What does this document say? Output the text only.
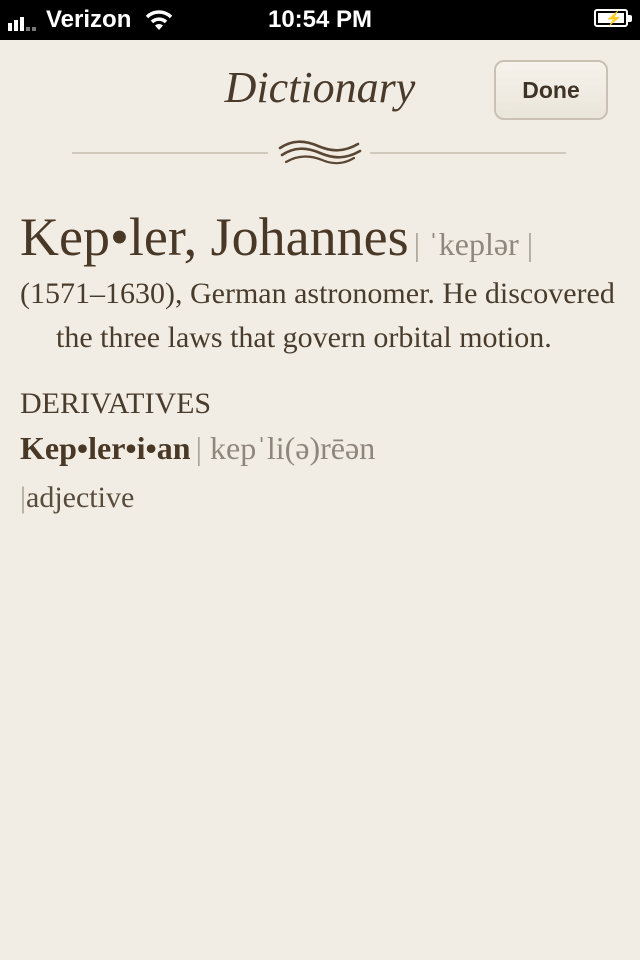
Verizon	10:54 PM	⚡
Dictionary	Done
Kep•ler, Johannes | ˈkeplər |
(1571–1630), German astronomer. He discovered the three laws that govern orbital motion.
DERIVATIVES
Kep•ler•i•an | kepˈli(ə)rēən
|adjective
